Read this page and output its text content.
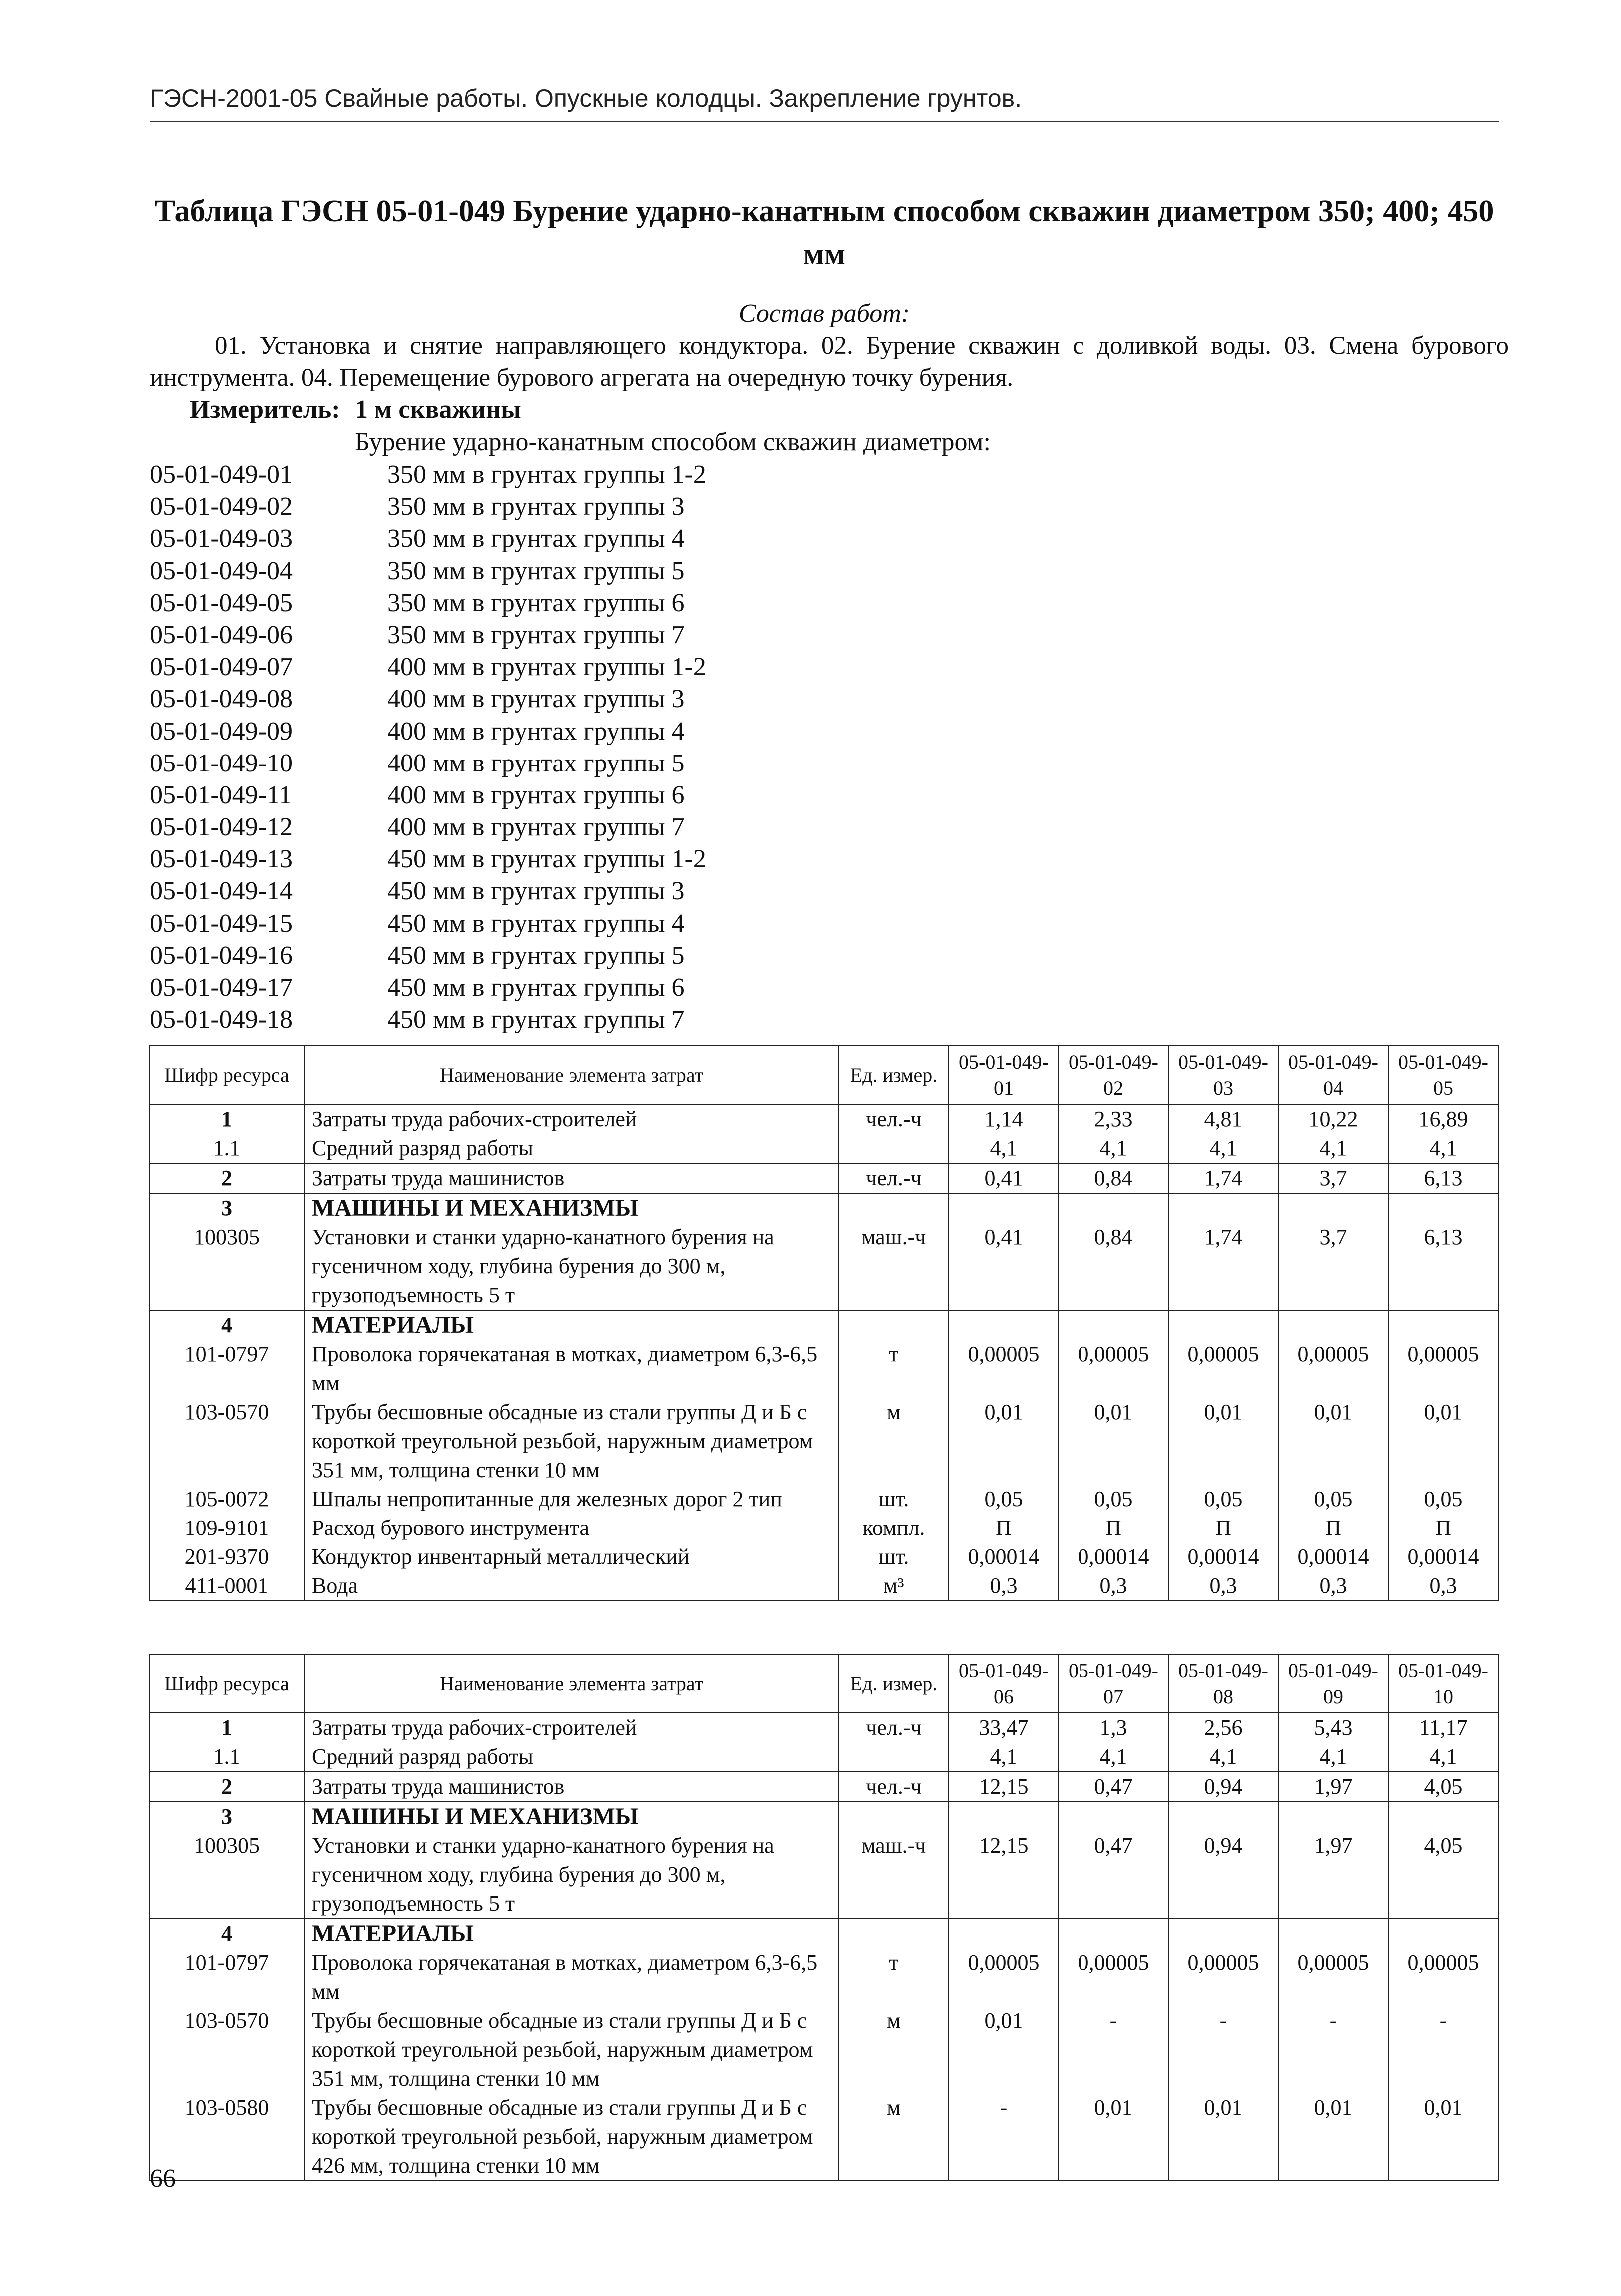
ГЭСН-2001-05 Свайные работы. Опускные колодцы. Закрепление грунтов.
Таблица ГЭСН 05-01-049 Бурение ударно-канатным способом скважин диаметром 350; 400; 450 мм
Состав работ:
01. Установка и снятие направляющего кондуктора. 02. Бурение скважин с доливкой воды. 03. Смена бурового инструмента. 04. Перемещение бурового агрегата на очередную точку бурения.
Измеритель: 1 м скважины
Бурение ударно-канатным способом скважин диаметром:
05-01-049-01	350 мм в грунтах группы 1-2
05-01-049-02	350 мм в грунтах группы 3
05-01-049-03	350 мм в грунтах группы 4
05-01-049-04	350 мм в грунтах группы 5
05-01-049-05	350 мм в грунтах группы 6
05-01-049-06	350 мм в грунтах группы 7
05-01-049-07	400 мм в грунтах группы 1-2
05-01-049-08	400 мм в грунтах группы 3
05-01-049-09	400 мм в грунтах группы 4
05-01-049-10	400 мм в грунтах группы 5
05-01-049-11	400 мм в грунтах группы 6
05-01-049-12	400 мм в грунтах группы 7
05-01-049-13	450 мм в грунтах группы 1-2
05-01-049-14	450 мм в грунтах группы 3
05-01-049-15	450 мм в грунтах группы 4
05-01-049-16	450 мм в грунтах группы 5
05-01-049-17	450 мм в грунтах группы 6
05-01-049-18	450 мм в грунтах группы 7
Шифр ресурса	Наименование элемента затрат	Ед. измер.	05-01-049-01	05-01-049-02	05-01-049-03	05-01-049-04	05-01-049-05
1	Затраты труда рабочих-строителей	чел.-ч	1,14	2,33	4,81	10,22	16,89
1.1	Средний разряд работы		4,1	4,1	4,1	4,1	4,1
2	Затраты труда машинистов	чел.-ч	0,41	0,84	1,74	3,7	6,13
3	МАШИНЫ И МЕХАНИЗМЫ						
100305	Установки и станки ударно-канатного бурения на гусеничном ходу, глубина бурения до 300 м, грузоподъемность 5 т	маш.-ч	0,41	0,84	1,74	3,7	6,13
4	МАТЕРИАЛЫ						
101-0797	Проволока горячекатаная в мотках, диаметром 6,3-6,5 мм	т	0,00005	0,00005	0,00005	0,00005	0,00005
103-0570	Трубы бесшовные обсадные из стали группы Д и Б с короткой треугольной резьбой, наружным диаметром 351 мм, толщина стенки 10 мм	м	0,01	0,01	0,01	0,01	0,01
105-0072	Шпалы непропитанные для железных дорог 2 тип	шт.	0,05	0,05	0,05	0,05	0,05
109-9101	Расход бурового инструмента	компл.	П	П	П	П	П
201-9370	Кондуктор инвентарный металлический	шт.	0,00014	0,00014	0,00014	0,00014	0,00014
411-0001	Вода	м³	0,3	0,3	0,3	0,3	0,3
Шифр ресурса	Наименование элемента затрат	Ед. измер.	05-01-049-06	05-01-049-07	05-01-049-08	05-01-049-09	05-01-049-10
1	Затраты труда рабочих-строителей	чел.-ч	33,47	1,3	2,56	5,43	11,17
1.1	Средний разряд работы		4,1	4,1	4,1	4,1	4,1
2	Затраты труда машинистов	чел.-ч	12,15	0,47	0,94	1,97	4,05
3	МАШИНЫ И МЕХАНИЗМЫ						
100305	Установки и станки ударно-канатного бурения на гусеничном ходу, глубина бурения до 300 м, грузоподъемность 5 т	маш.-ч	12,15	0,47	0,94	1,97	4,05
4	МАТЕРИАЛЫ						
101-0797	Проволока горячекатаная в мотках, диаметром 6,3-6,5 мм	т	0,00005	0,00005	0,00005	0,00005	0,00005
103-0570	Трубы бесшовные обсадные из стали группы Д и Б с короткой треугольной резьбой, наружным диаметром 351 мм, толщина стенки 10 мм	м	0,01	-	-	-	-
103-0580	Трубы бесшовные обсадные из стали группы Д и Б с короткой треугольной резьбой, наружным диаметром 426 мм, толщина стенки 10 мм	м	-	0,01	0,01	0,01	0,01
66
